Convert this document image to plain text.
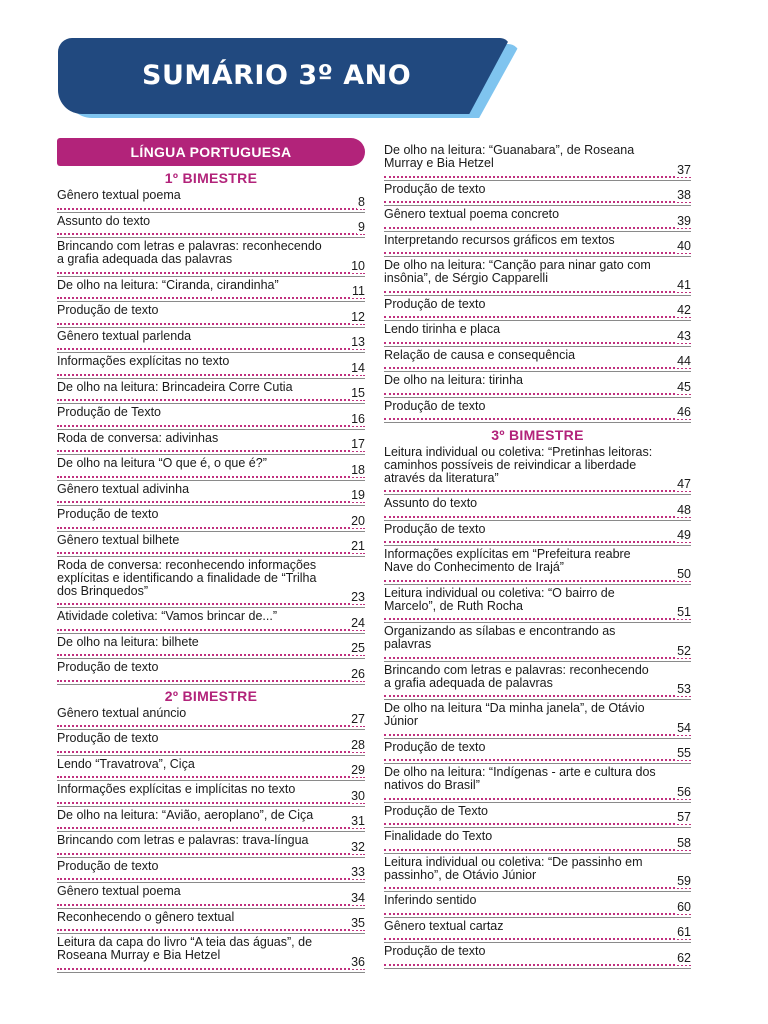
SUMÁRIO 3º ANO
LÍNGUA PORTUGUESA
1º BIMESTRE
Gênero textual poema	8
Assunto do texto	9
Brincando com letras e palavras: reconhecendo
a grafia adequada das palavras	10
De olho na leitura: “Ciranda, cirandinha”	11
Produção de texto	12
Gênero textual parlenda	13
Informações explícitas no texto	14
De olho na leitura: Brincadeira Corre Cutia	15
Produção de Texto	16
Roda de conversa: adivinhas	17
De olho na leitura “O que é, o que é?”	18
Gênero textual adivinha	19
Produção de texto	20
Gênero textual bilhete	21
Roda de conversa: reconhecendo informações
explícitas e identificando a finalidade de “Trilha
dos Brinquedos”	23
Atividade coletiva: “Vamos brincar de...”	24
De olho na leitura: bilhete	25
Produção de texto	26
2º BIMESTRE
Gênero textual anúncio	27
Produção de texto	28
Lendo “Travatrova”, Ciça	29
Informações explícitas e implícitas no texto	30
De olho na leitura: “Avião, aeroplano”, de Ciça	31
Brincando com letras e palavras: trava-língua	32
Produção de texto	33
Gênero textual poema	34
Reconhecendo o gênero textual	35
Leitura da capa do livro “A teia das águas”, de
Roseana Murray e Bia Hetzel	36
De olho na leitura: “Guanabara”, de Roseana
Murray e Bia Hetzel	37
Produção de texto	38
Gênero textual poema concreto	39
Interpretando recursos gráficos em textos	40
De olho na leitura: “Canção para ninar gato com
insônia”, de Sérgio Capparelli	41
Produção de texto	42
Lendo tirinha e placa	43
Relação de causa e consequência	44
De olho na leitura: tirinha	45
Produção de texto	46
3º BIMESTRE
Leitura individual ou coletiva: “Pretinhas leitoras:
caminhos possíveis de reivindicar a liberdade
através da literatura”	47
Assunto do texto	48
Produção de texto	49
Informações explícitas em “Prefeitura reabre
Nave do Conhecimento de Irajá”	50
Leitura individual ou coletiva: “O bairro de
Marcelo”, de Ruth Rocha	51
Organizando as sílabas e encontrando as
palavras	52
Brincando com letras e palavras: reconhecendo
a grafia adequada de palavras	53
De olho na leitura “Da minha janela”, de Otávio
Júnior	54
Produção de texto	55
De olho na leitura: “Indígenas - arte e cultura dos
nativos do Brasil”	56
Produção de Texto	57
Finalidade do Texto	58
Leitura individual ou coletiva: “De passinho em
passinho”, de Otávio Júnior	59
Inferindo sentido	60
Gênero textual cartaz	61
Produção de texto	62
